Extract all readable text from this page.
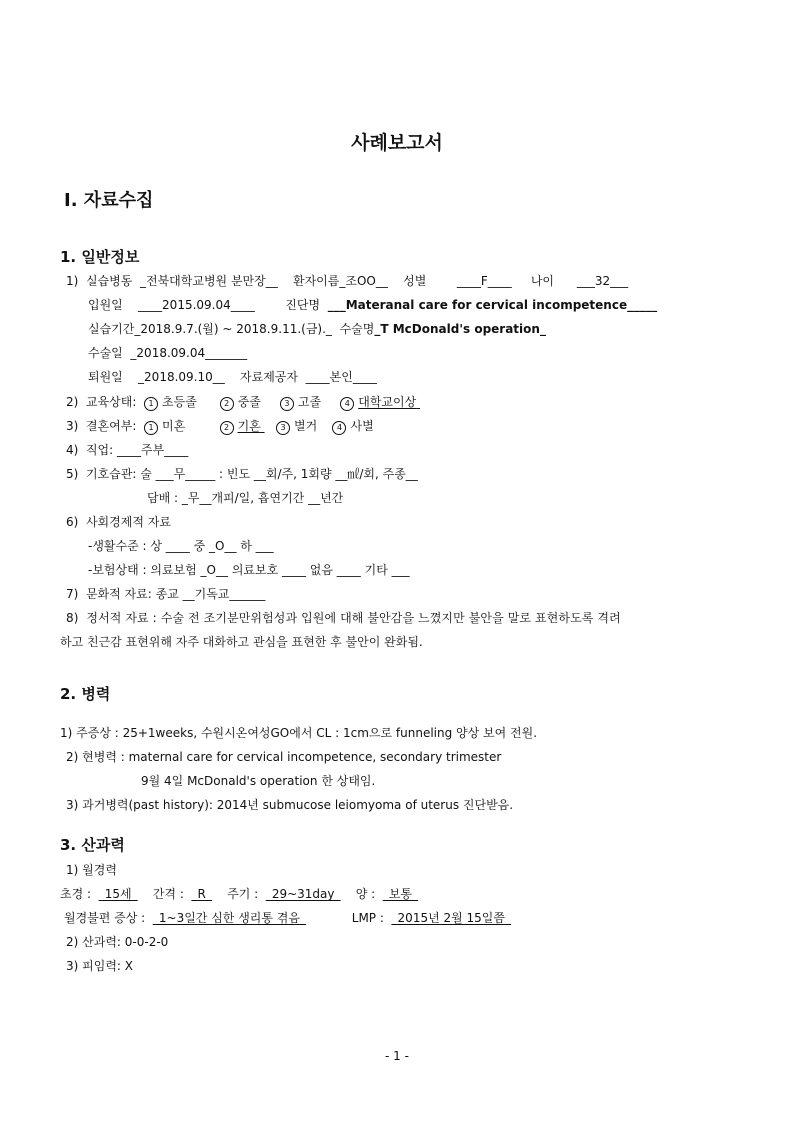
사례보고서
I. 자료수집
1. 일반정보
1) 실습병동 _전북대학교병원 분만장__ 환자이름_조OO__ 성별	____F____ 나이 ___32___
입원일 ____2015.09.04____	진단명 ___Materanal care for cervical incompetence_____
실습기간_2018.9.7.(월) ~ 2018.9.11.(금)._ 수술명_T McDonald's operation_
수술일 _2018.09.04_______
퇴원일 _2018.09.10__ 자료제공자 ____본인____
2) 교육상태: 1 초등졸	2 중졸	3 고졸	4 대학교이상
3) 결혼여부: 1 미혼	2 기혼 3 별거 4 사별
4) 직업: ____주부____
5) 기호습관: 술 ___무_____ : 빈도 __회/주, 1회량 __㎖/회, 주종__
담배 : _무__개피/일, 흡연기간 __년간
6) 사회경제적 자료
-생활수준 : 상 ____ 중 _O__ 하 ___
-보험상태 : 의료보험 _O__ 의료보호 ____ 없음 ____ 기타 ___
7) 문화적 자료: 종교 __기독교______
8) 정서적 자료 : 수술 전 조기분만위험성과 입원에 대해 불안감을 느꼈지만 불안을 말로 표현하도록 격려
하고 친근감 표현위해 자주 대화하고 관심을 표현한 후 불안이 완화됨.
2. 병력
1) 주증상 : 25+1weeks, 수원시온여성GO에서 CL : 1cm으로 funneling 양상 보여 전원.
2) 현병력 : maternal care for cervical incompetence, secondary trimester
9월 4일 McDonald's operation 한 상태임.
3) 과거병력(past history): 2014년 submucose leiomyoma of uterus 진단받음.
3. 산과력
1) 월경력
초경 : _15세_ 간격 : _R_ 주기 : _29~31day_ 양 : _보통_
월경불편 증상 : _1~3일간 심한 생리통 겪음_	LMP : _2015년 2월 15일쯤_
2) 산과력: 0-0-2-0
3) 피임력: X
- 1 -
